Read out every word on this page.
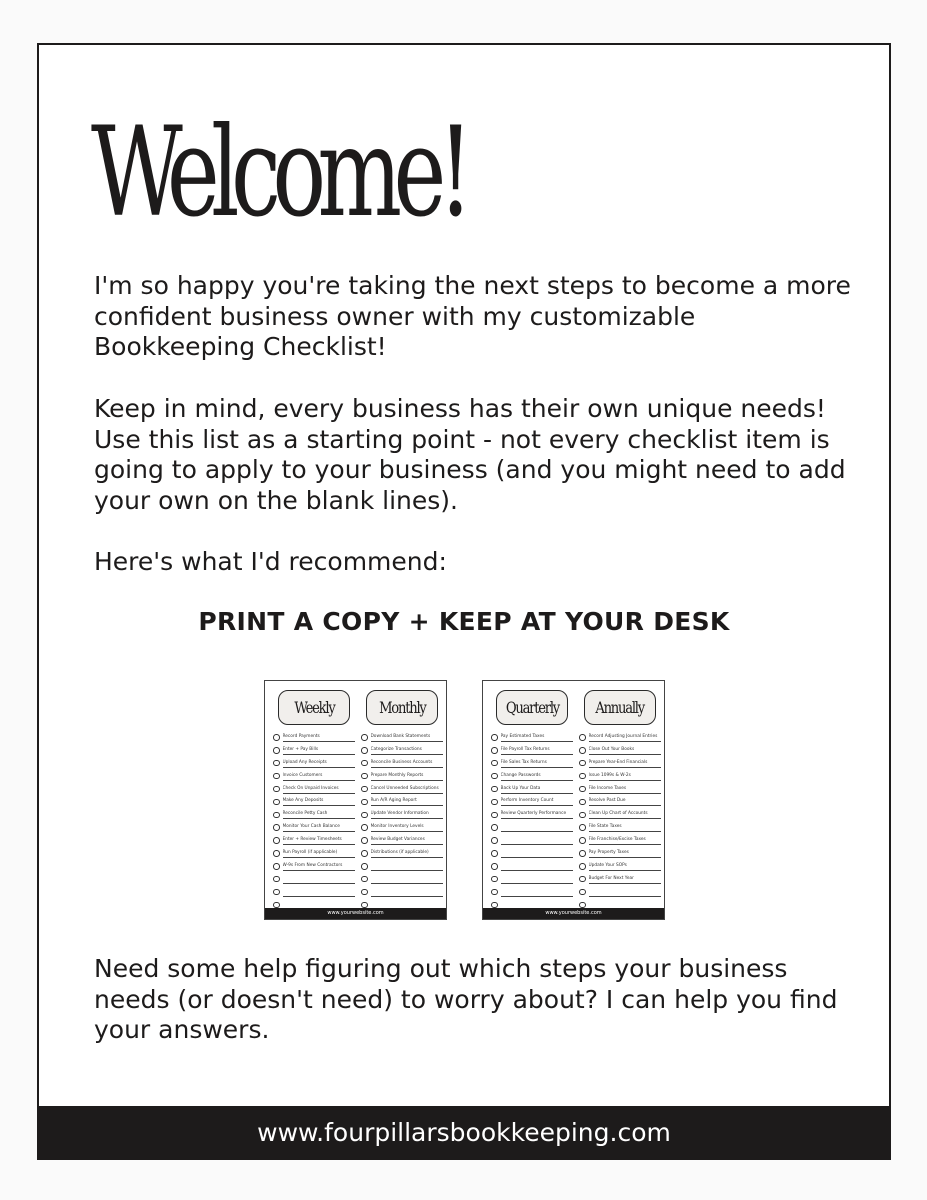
Welcome!
I'm so happy you're taking the next steps to become a more confident business owner with my customizable Bookkeeping Checklist!
Keep in mind, every business has their own unique needs! Use this list as a starting point - not every checklist item is going to apply to your business (and you might need to add your own on the blank lines).
Here's what I'd recommend:
PRINT A COPY + KEEP AT YOUR DESK
Weekly
Record Payments
Enter + Pay Bills
Upload Any Receipts
Invoice Customers
Check On Unpaid Invoices
Make Any Deposits
Reconcile Petty Cash
Monitor Your Cash Balance
Enter + Review Timesheets
Run Payroll (if applicable)
W-9s From New Contractors
Monthly
Download Bank Statements
Categorize Transactions
Reconcile Business Accounts
Prepare Monthly Reports
Cancel Unneeded Subscriptions
Run A/R Aging Report
Update Vendor Information
Monitor Inventory Levels
Review Budget Variances
Distributions (if applicable)
www.yourwebsite.com
Quarterly
Pay Estimated Taxes
File Payroll Tax Returns
File Sales Tax Returns
Change Passwords
Back Up Your Data
Perform Inventory Count
Review Quarterly Performance
Annually
Record Adjusting Journal Entries
Close Out Your Books
Prepare Year-End Financials
Issue 1099s & W-2s
File Income Taxes
Resolve Past Due
Clean Up Chart of Accounts
File State Taxes
File Franchise/Excise Taxes
Pay Property Taxes
Update Your SOPs
Budget For Next Year
www.yourwebsite.com
Need some help figuring out which steps your business needs (or doesn't need) to worry about? I can help you find your answers.
www.fourpillarsbookkeeping.com
